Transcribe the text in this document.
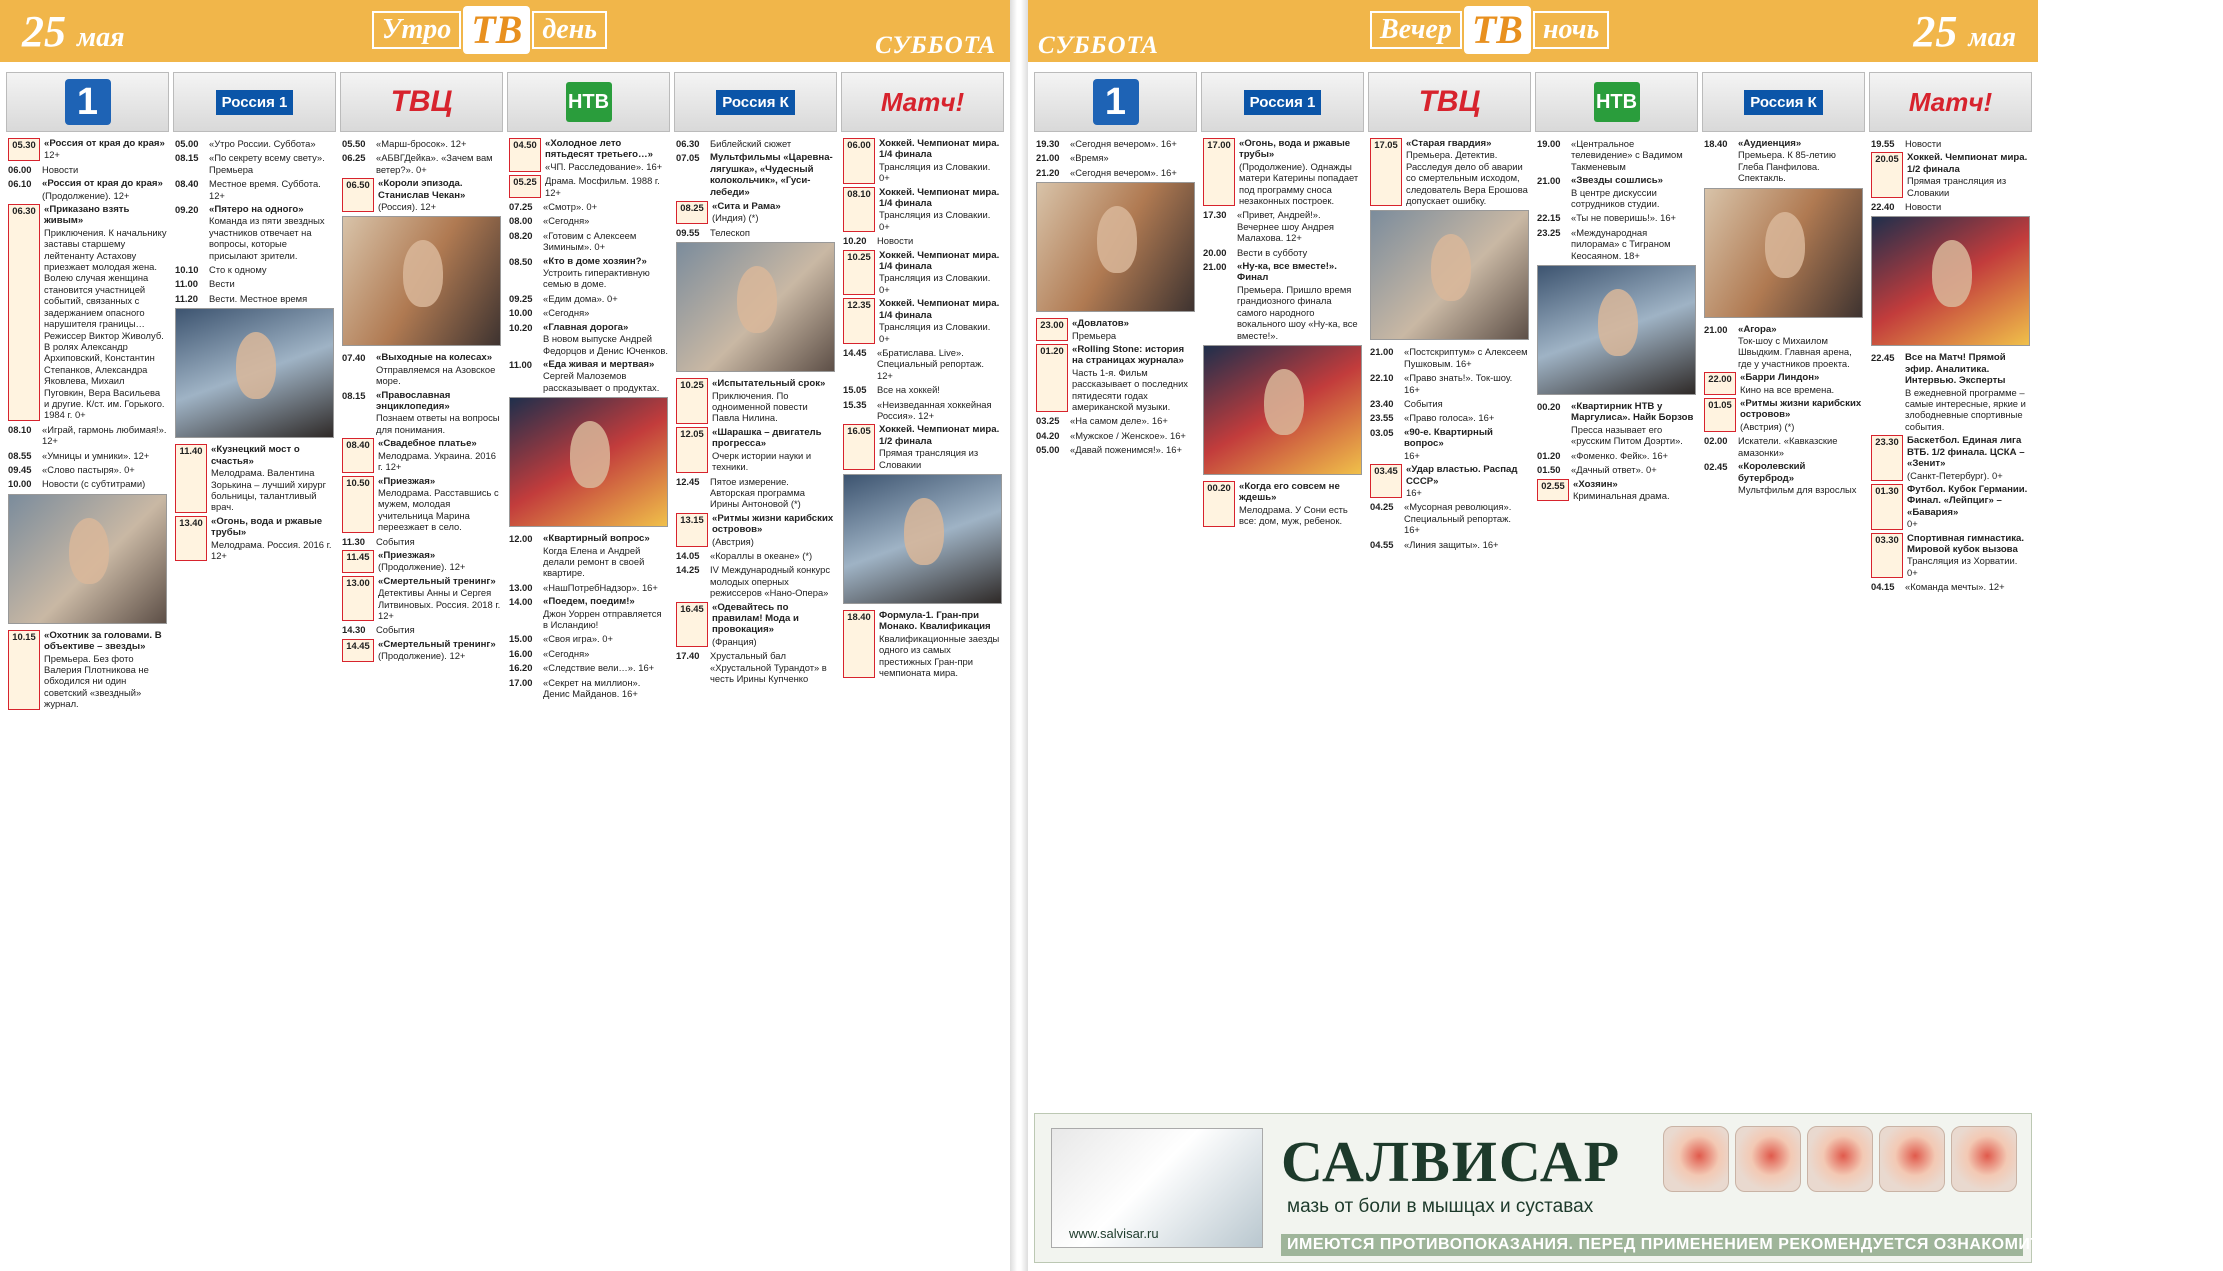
25 мая	Утро ТВ день
СУББОТА
1
05.30 «Россия от края до края»
12+
06.00	Новости
06.10	«Россия от края до края»
(Продолжение). 12+
06.30 «Приказано взять живым»
Приключения. К начальнику заставы старшему лейтенанту Астахову приезжает молодая жена. Волею случая женщина становится участницей событий, связанных с задержанием опасного нарушителя границы… Режиссер Виктор Живолуб. В ролях Александр Архиповский, Константин Степанков, Александра Яковлева, Михаил Пуговкин, Вера Васильева и другие. К/ст. им. Горького. 1984 г. 0+
08.10	«Играй, гармонь любимая!». 12+
08.55	«Умницы и умники». 12+
09.45	«Слово пастыря». 0+
10.00	Новости (с субтитрами)
10.15 «Охотник за головами. В объективе – звезды»
Премьера. Без фото Валерия Плотникова не обходился ни один советский «звездный» журнал.
Россия 1
05.00	«Утро России. Суббота»
08.15	«По секрету всему свету». Премьера
08.40	Местное время. Суббота. 12+
09.20	«Пятеро на одного»
Команда из пяти звездных участников отвечает на вопросы, которые присылают зрители.
10.10	Сто к одному
11.00	Вести
11.20	Вести. Местное время
11.40 «Кузнецкий мост о счастья»
Мелодрама. Валентина Зорькина – лучший хирург больницы, талантливый врач.
13.40 «Огонь, вода и ржавые трубы»
Мелодрама. Россия. 2016 г. 12+
ТВЦ
05.50	«Марш-бросок». 12+
06.25	«АБВГДейка». «Зачем вам ветер?». 0+
06.50 «Короли эпизода. Станислав Чекан»
(Россия). 12+
07.40	«Выходные на колесах»
Отправляемся на Азовское море.
08.15	«Православная энциклопедия»
Познаем ответы на вопросы для понимания.
08.40 «Свадебное платье»
Мелодрама. Украина. 2016 г. 12+
10.50 «Приезжая»
Мелодрама. Расставшись с мужем, молодая учительница Марина переезжает в село.
11.30	События
11.45 «Приезжая»
(Продолжение). 12+
13.00 «Смертельный тренинг»
Детективы Анны и Сергея Литвиновых. Россия. 2018 г. 12+
14.30	События
14.45 «Смертельный тренинг»
(Продолжение). 12+
НТВ
04.50 «Холодное лето пятьдесят третьего…»
«ЧП. Расследование». 16+
05.25 Драма. Мосфильм. 1988 г. 12+
07.25	«Смотр». 0+
08.00	«Сегодня»
08.20	«Готовим с Алексеем Зиминым». 0+
08.50	«Кто в доме хозяин?»
Устроить гиперактивную семью в доме.
09.25	«Едим дома». 0+
10.00	«Сегодня»
10.20	«Главная дорога»
В новом выпуске Андрей Федорцов и Денис Юченков.
11.00	«Еда живая и мертвая»
Сергей Малоземов рассказывает о продуктах.
12.00	«Квартирный вопрос»
Когда Елена и Андрей делали ремонт в своей квартире.
13.00	«НашПотребНадзор». 16+
14.00	«Поедем, поедим!»
Джон Уоррен отправляется в Исландию!
15.00	«Своя игра». 0+
16.00	«Сегодня»
16.20	«Следствие вели…». 16+
17.00	«Секрет на миллион». Денис Майданов. 16+
Россия К
06.30	Библейский сюжет
07.05	Мультфильмы «Царевна-лягушка», «Чудесный колокольчик», «Гуси-лебеди»
08.25 «Сита и Рама»
(Индия) (*)
09.55	Телескоп
10.25 «Испытательный срок»
Приключения. По одноименной повести Павла Нилина.
12.05 «Шарашка – двигатель прогресса»
Очерк истории науки и техники.
12.45	Пятое измерение. Авторская программа Ирины Антоновой (*)
13.15 «Ритмы жизни карибских островов»
(Австрия)
14.05	«Кораллы в океане» (*)
14.25	IV Международный конкурс молодых оперных режиссеров «Нано-Опера»
16.45 «Одевайтесь по правилам! Мода и провокация»
(Франция)
17.40	Хрустальный бал «Хрустальной Турандот» в честь Ирины Купченко
Матч!
06.00 Хоккей. Чемпионат мира. 1/4 финала
Трансляция из Словакии. 0+
08.10 Хоккей. Чемпионат мира. 1/4 финала
Трансляция из Словакии. 0+
10.20	Новости
10.25 Хоккей. Чемпионат мира. 1/4 финала
Трансляция из Словакии. 0+
12.35 Хоккей. Чемпионат мира. 1/4 финала
Трансляция из Словакии. 0+
14.45	«Братислава. Live». Специальный репортаж. 12+
15.05	Все на хоккей!
15.35	«Неизведанная хоккейная Россия». 12+
16.05 Хоккей. Чемпионат мира. 1/2 финала
Прямая трансляция из Словакии
18.40 Формула-1. Гран-при Монако. Квалификация
Квалификационные заезды одного из самых престижных Гран-при чемпионата мира.
СУББОТА
Вечер ТВ ночь	25 мая
1
19.30	«Сегодня вечером». 16+
21.00	«Время»
21.20	«Сегодня вечером». 16+
23.00 «Довлатов»
Премьера
01.20 «Rolling Stone: история на страницах журнала»
Часть 1-я. Фильм рассказывает о последних пятидесяти годах американской музыки.
03.25	«На самом деле». 16+
04.20	«Мужское / Женское». 16+
05.00	«Давай поженимся!». 16+
Россия 1
17.00 «Огонь, вода и ржавые трубы»
(Продолжение). Однажды матери Катерины попадает под программу сноса незаконных построек.
17.30	«Привет, Андрей!». Вечернее шоу Андрея Малахова. 12+
20.00	Вести в субботу
21.00	«Ну-ка, все вместе!». Финал
Премьера. Пришло время грандиозного финала самого народного вокального шоу «Ну-ка, все вместе!».
00.20 «Когда его совсем не ждешь»
Мелодрама. У Сони есть все: дом, муж, ребенок.
ТВЦ
17.05 «Старая гвардия»
Премьера. Детектив. Расследуя дело об аварии со смертельным исходом, следователь Вера Ерошова допускает ошибку.
21.00	«Постскриптум» с Алексеем Пушковым. 16+
22.10	«Право знать!». Ток-шоу. 16+
23.40	События
23.55	«Право голоса». 16+
03.05	«90-е. Квартирный вопрос»
16+
03.45 «Удар властью. Распад СССР»
16+
04.25	«Мусорная революция». Специальный репортаж. 16+
04.55	«Линия защиты». 16+
НТВ
19.00	«Центральное телевидение» с Вадимом Такменевым
21.00	«Звезды сошлись»
В центре дискуссии сотрудников студии.
22.15	«Ты не поверишь!». 16+
23.25	«Международная пилорама» с Тиграном Кеосаяном. 18+
00.20	«Квартирник НТВ у Маргулиса». Найк Борзов
Пресса называет его «русским Питом Доэрти».
01.20	«Фоменко. Фейк». 16+
01.50	«Дачный ответ». 0+
02.55 «Хозяин»
Криминальная драма.
Россия К
18.40	«Аудиенция»
Премьера. К 85-летию Глеба Панфилова. Спектакль.
21.00	«Агора»
Ток-шоу с Михаилом Швыдким. Главная арена, где у участников проекта.
22.00 «Барри Линдон»
Кино на все времена.
01.05 «Ритмы жизни карибских островов»
(Австрия) (*)
02.00	Искатели. «Кавказские амазонки»
02.45	«Королевский бутерброд»
Мультфильм для взрослых
Матч!
19.55	Новости
20.05 Хоккей. Чемпионат мира. 1/2 финала
Прямая трансляция из Словакии
22.40	Новости
22.45	Все на Матч! Прямой эфир. Аналитика. Интервью. Эксперты
В ежедневной программе – самые интересные, яркие и злободневные спортивные события.
23.30 Баскетбол. Единая лига ВТБ. 1/2 финала. ЦСКА – «Зенит»
(Санкт-Петербург). 0+
01.30 Футбол. Кубок Германии. Финал. «Лейпциг» – «Бавария»
0+
03.30 Спортивная гимнастика. Мировой кубок вызова
Трансляция из Хорватии. 0+
04.15	«Команда мечты». 12+
САЛВИСАР
мазь от боли в мышцах и суставах
www.salvisar.ru
ИМЕЮТСЯ ПРОТИВОПОКАЗАНИЯ. ПЕРЕД ПРИМЕНЕНИЕМ РЕКОМЕНДУЕТСЯ ОЗНАКОМИТЬСЯ С ИНСТРУКЦИЕЙ
